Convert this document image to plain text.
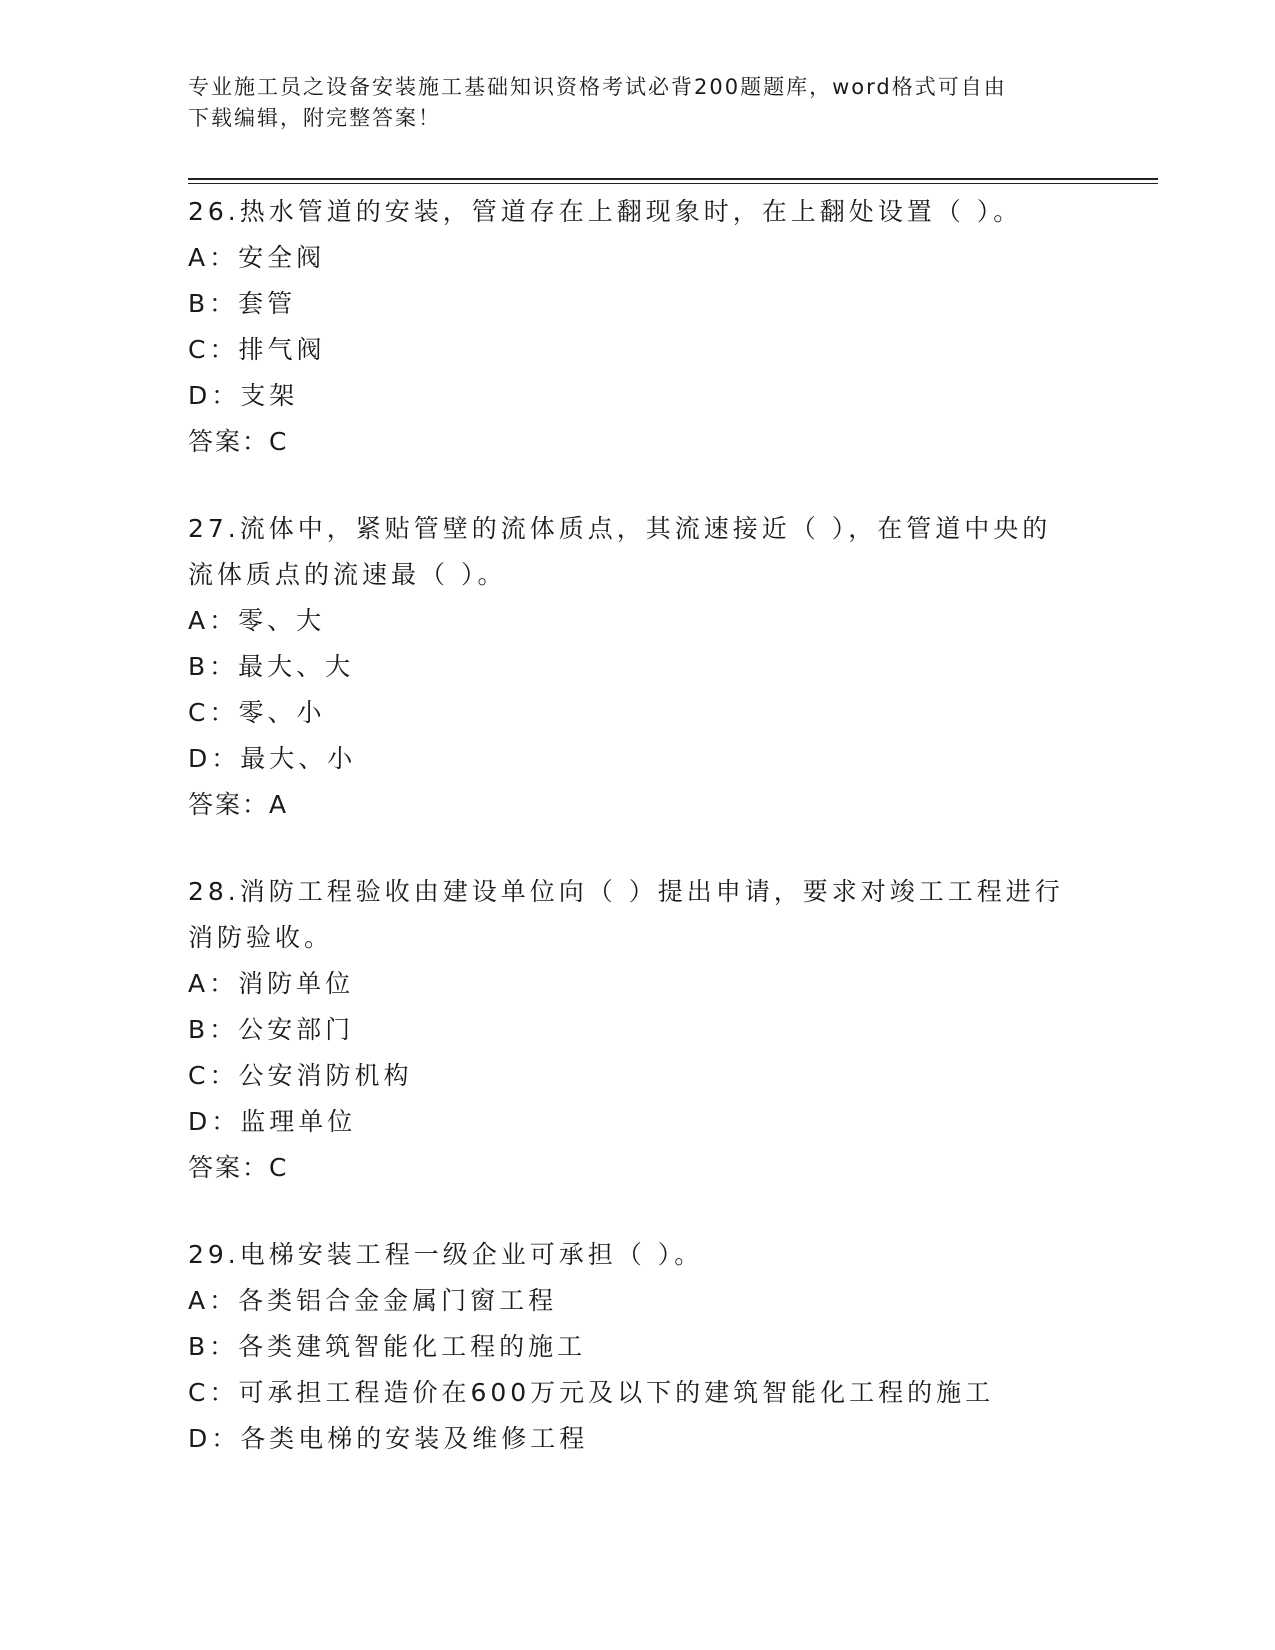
专业施工员之设备安装施工基础知识资格考试必背200题题库，word格式可自由
下载编辑，附完整答案！
26.热水管道的安装，管道存在上翻现象时，在上翻处设置（ ）。
A：安全阀
B：套管
C：排气阀
D：支架
答案：C
27.流体中，紧贴管壁的流体质点，其流速接近（ ），在管道中央的
流体质点的流速最（ ）。
A：零、大
B：最大、大
C：零、小
D：最大、小
答案：A
28.消防工程验收由建设单位向（ ）提出申请，要求对竣工工程进行
消防验收。
A：消防单位
B：公安部门
C：公安消防机构
D：监理单位
答案：C
29.电梯安装工程一级企业可承担（ ）。
A：各类铝合金金属门窗工程
B：各类建筑智能化工程的施工
C：可承担工程造价在600万元及以下的建筑智能化工程的施工
D：各类电梯的安装及维修工程
